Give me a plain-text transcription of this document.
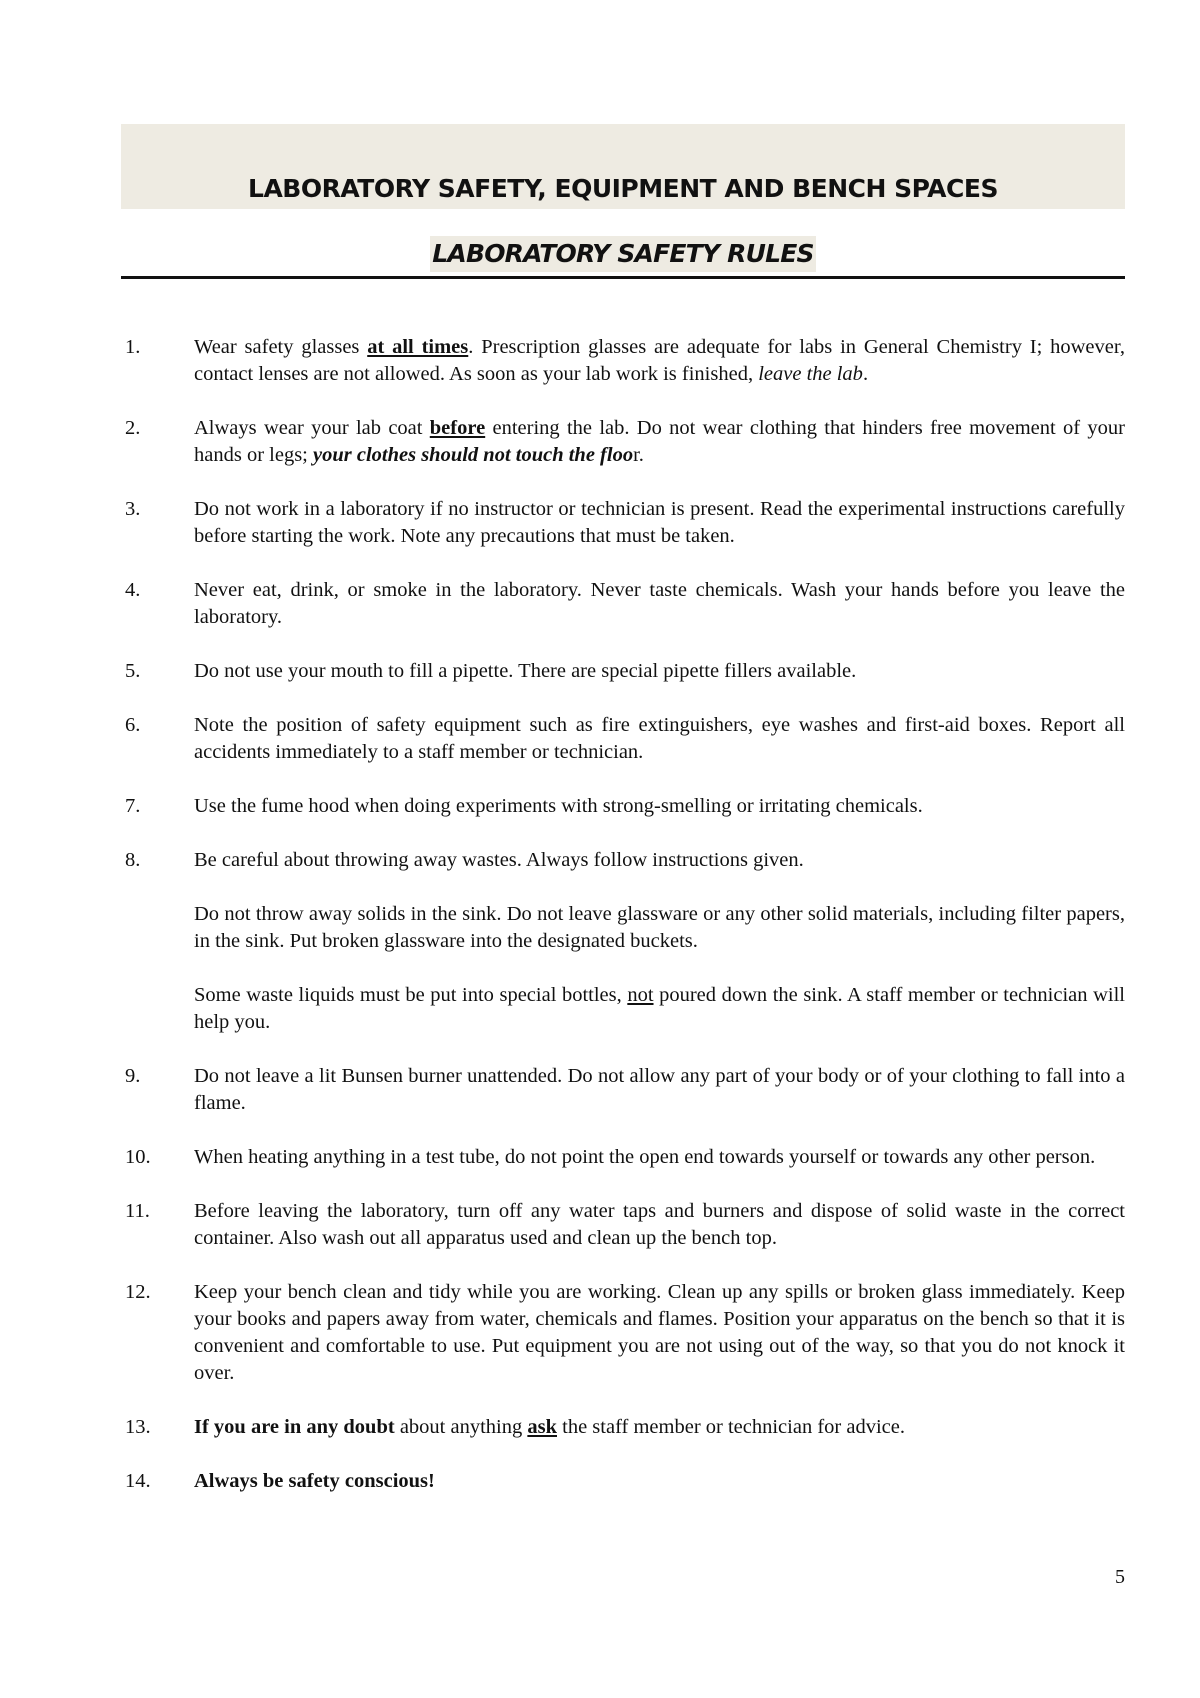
LABORATORY SAFETY, EQUIPMENT AND BENCH SPACES
LABORATORY SAFETY RULES
1.	Wear safety glasses at all times. Prescription glasses are adequate for labs in General Chemistry I; however, contact lenses are not allowed. As soon as your lab work is finished, leave the lab.
2.	Always wear your lab coat before entering the lab. Do not wear clothing that hinders free movement of your hands or legs; your clothes should not touch the floor.
3.	Do not work in a laboratory if no instructor or technician is present. Read the experimental instructions carefully before starting the work. Note any precautions that must be taken.
4.	Never eat, drink, or smoke in the laboratory. Never taste chemicals. Wash your hands before you leave the laboratory.
5.	Do not use your mouth to fill a pipette. There are special pipette fillers available.
6.	Note the position of safety equipment such as fire extinguishers, eye washes and first-aid boxes. Report all accidents immediately to a staff member or technician.
7.	Use the fume hood when doing experiments with strong-smelling or irritating chemicals.
8.	Be careful about throwing away wastes. Always follow instructions given.
Do not throw away solids in the sink. Do not leave glassware or any other solid materials, including filter papers, in the sink. Put broken glassware into the designated buckets.
Some waste liquids must be put into special bottles, not poured down the sink. A staff member or technician will help you.
9.	Do not leave a lit Bunsen burner unattended. Do not allow any part of your body or of your clothing to fall into a flame.
10. When heating anything in a test tube, do not point the open end towards yourself or towards any other person.
11. Before leaving the laboratory, turn off any water taps and burners and dispose of solid waste in the correct container. Also wash out all apparatus used and clean up the bench top.
12. Keep your bench clean and tidy while you are working. Clean up any spills or broken glass immediately. Keep your books and papers away from water, chemicals and flames. Position your apparatus on the bench so that it is convenient and comfortable to use. Put equipment you are not using out of the way, so that you do not knock it over.
13. If you are in any doubt about anything ask the staff member or technician for advice.
14. Always be safety conscious!
5
